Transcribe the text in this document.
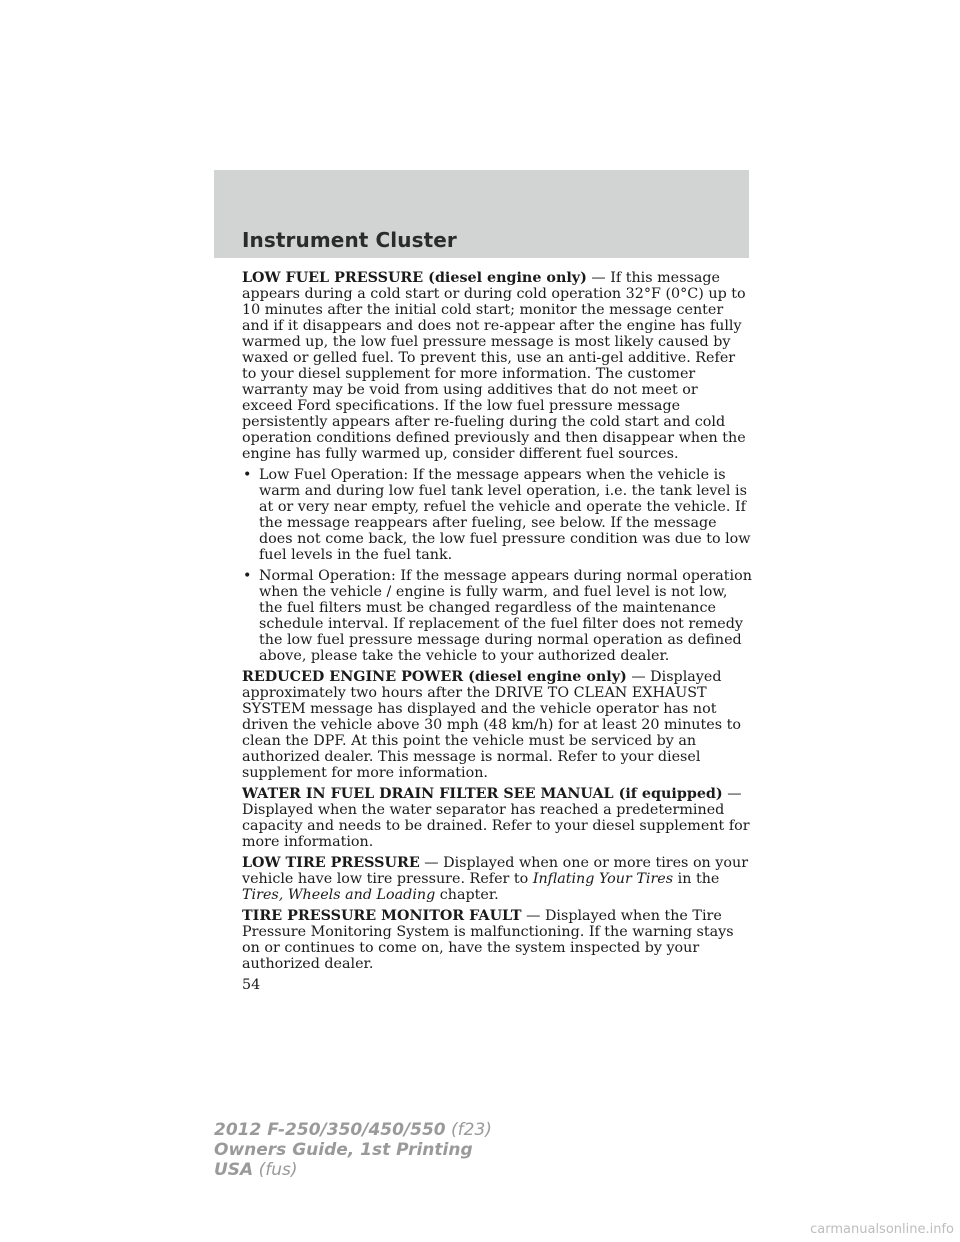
Instrument Cluster

LOW FUEL PRESSURE (diesel engine only) — If this message appears during a cold start or during cold operation 32°F (0°C) up to 10 minutes after the initial cold start; monitor the message center and if it disappears and does not re-appear after the engine has fully warmed up, the low fuel pressure message is most likely caused by waxed or gelled fuel. To prevent this, use an anti-gel additive. Refer to your diesel supplement for more information. The customer warranty may be void from using additives that do not meet or exceed Ford specifications. If the low fuel pressure message persistently appears after re-fueling during the cold start and cold operation conditions defined previously and then disappear when the engine has fully warmed up, consider different fuel sources.

• Low Fuel Operation: If the message appears when the vehicle is warm and during low fuel tank level operation, i.e. the tank level is at or very near empty, refuel the vehicle and operate the vehicle. If the message reappears after fueling, see below. If the message does not come back, the low fuel pressure condition was due to low fuel levels in the fuel tank.
• Normal Operation: If the message appears during normal operation when the vehicle / engine is fully warm, and fuel level is not low, the fuel filters must be changed regardless of the maintenance schedule interval. If replacement of the fuel filter does not remedy the low fuel pressure message during normal operation as defined above, please take the vehicle to your authorized dealer.

REDUCED ENGINE POWER (diesel engine only) — Displayed approximately two hours after the DRIVE TO CLEAN EXHAUST SYSTEM message has displayed and the vehicle operator has not driven the vehicle above 30 mph (48 km/h) for at least 20 minutes to clean the DPF. At this point the vehicle must be serviced by an authorized dealer. This message is normal. Refer to your diesel supplement for more information.

WATER IN FUEL DRAIN FILTER SEE MANUAL (if equipped) — Displayed when the water separator has reached a predetermined capacity and needs to be drained. Refer to your diesel supplement for more information.

LOW TIRE PRESSURE — Displayed when one or more tires on your vehicle have low tire pressure. Refer to Inflating Your Tires in the Tires, Wheels and Loading chapter.

TIRE PRESSURE MONITOR FAULT — Displayed when the Tire Pressure Monitoring System is malfunctioning. If the warning stays on or continues to come on, have the system inspected by your authorized dealer.

54
2012 F-250/350/450/550 (f23)
Owners Guide, 1st Printing
USA (fus)
carmanualsonline.info
